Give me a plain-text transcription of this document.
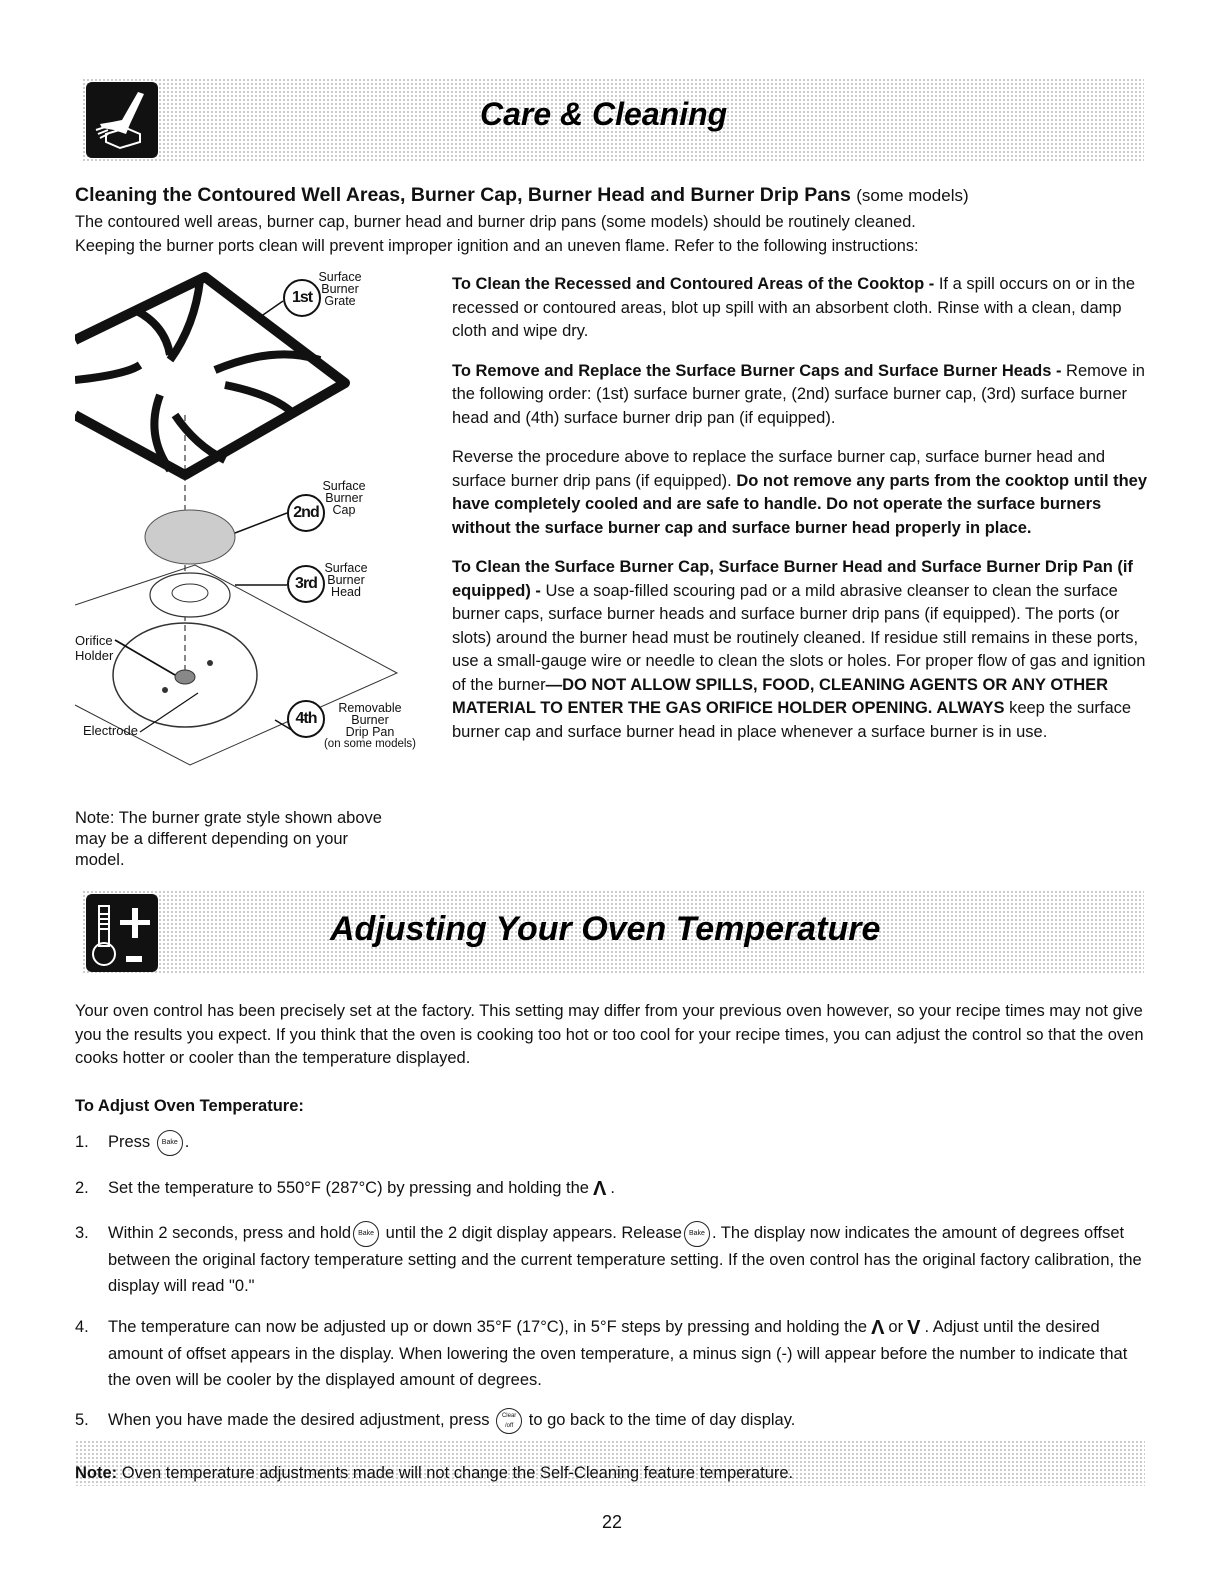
Care & Cleaning
Cleaning the Contoured Well Areas, Burner Cap, Burner Head and Burner Drip Pans (some models)
The contoured well areas, burner cap, burner head and burner drip pans (some models) should be routinely cleaned.
Keeping the burner ports clean will prevent improper ignition and an uneven flame. Refer to the following instructions:
1st
Surface
Burner
Grate
2nd
Surface
Burner
Cap
3rd
Surface
Burner
Head
Orifice
Holder
Electrode
4th
Removable
Burner
Drip Pan
(on some models)
Note: The burner grate style shown above may be a different depending on your model.

To Clean the Recessed and Contoured Areas of the Cooktop - If a spill occurs on or in the recessed or contoured areas, blot up spill with an absorbent cloth. Rinse with a clean, damp cloth and wipe dry.

To Remove and Replace the Surface Burner Caps and Surface Burner Heads - Remove in the following order: (1st) surface burner grate, (2nd) surface burner cap, (3rd) surface burner head and (4th) surface burner drip pan (if equipped).

Reverse the procedure above to replace the surface burner cap, surface burner head and surface burner drip pans (if equipped). Do not remove any parts from the cooktop until they have completely cooled and are safe to handle. Do not operate the surface burners without the surface burner cap and surface burner head properly in place.

To Clean the Surface Burner Cap, Surface Burner Head and Surface Burner Drip Pan (if equipped) - Use a soap-filled scouring pad or a mild abrasive cleanser to clean the surface burner caps, surface burner heads and surface burner drip pans (if equipped). The ports (or slots) around the burner head must be routinely cleaned. If residue still remains in these ports, use a small-gauge wire or needle to clean the slots or holes. For proper flow of gas and ignition of the burner—DO NOT ALLOW SPILLS, FOOD, CLEANING AGENTS OR ANY OTHER MATERIAL TO ENTER THE GAS ORIFICE HOLDER OPENING. ALWAYS keep the surface burner cap and surface burner head in place whenever a surface burner is in use.

Adjusting Your Oven Temperature
Your oven control has been precisely set at the factory. This setting may differ from your previous oven however, so your recipe times may not give you the results you expect. If you think that the oven is cooking too hot or too cool for your recipe times, you can adjust the control so that the oven cooks hotter or cooler than the temperature displayed.
To Adjust Oven Temperature:
1. Press Bake .
2. Set the temperature to 550°F (287°C) by pressing and holding the Λ .
3. Within 2 seconds, press and hold Bake until the 2 digit display appears. Release Bake . The display now indicates the amount of degrees offset between the original factory temperature setting and the current temperature setting. If the oven control has the original factory calibration, the display will read "0."
4. The temperature can now be adjusted up or down 35°F (17°C), in 5°F steps by pressing and holding the Λ or V . Adjust until the desired amount of offset appears in the display. When lowering the oven temperature, a minus sign (-) will appear before the number to indicate that the oven will be cooler by the displayed amount of degrees.
5. When you have made the desired adjustment, press Clear /off to go back to the time of day display.
Note: Oven temperature adjustments made will not change the Self-Cleaning feature temperature.
22
